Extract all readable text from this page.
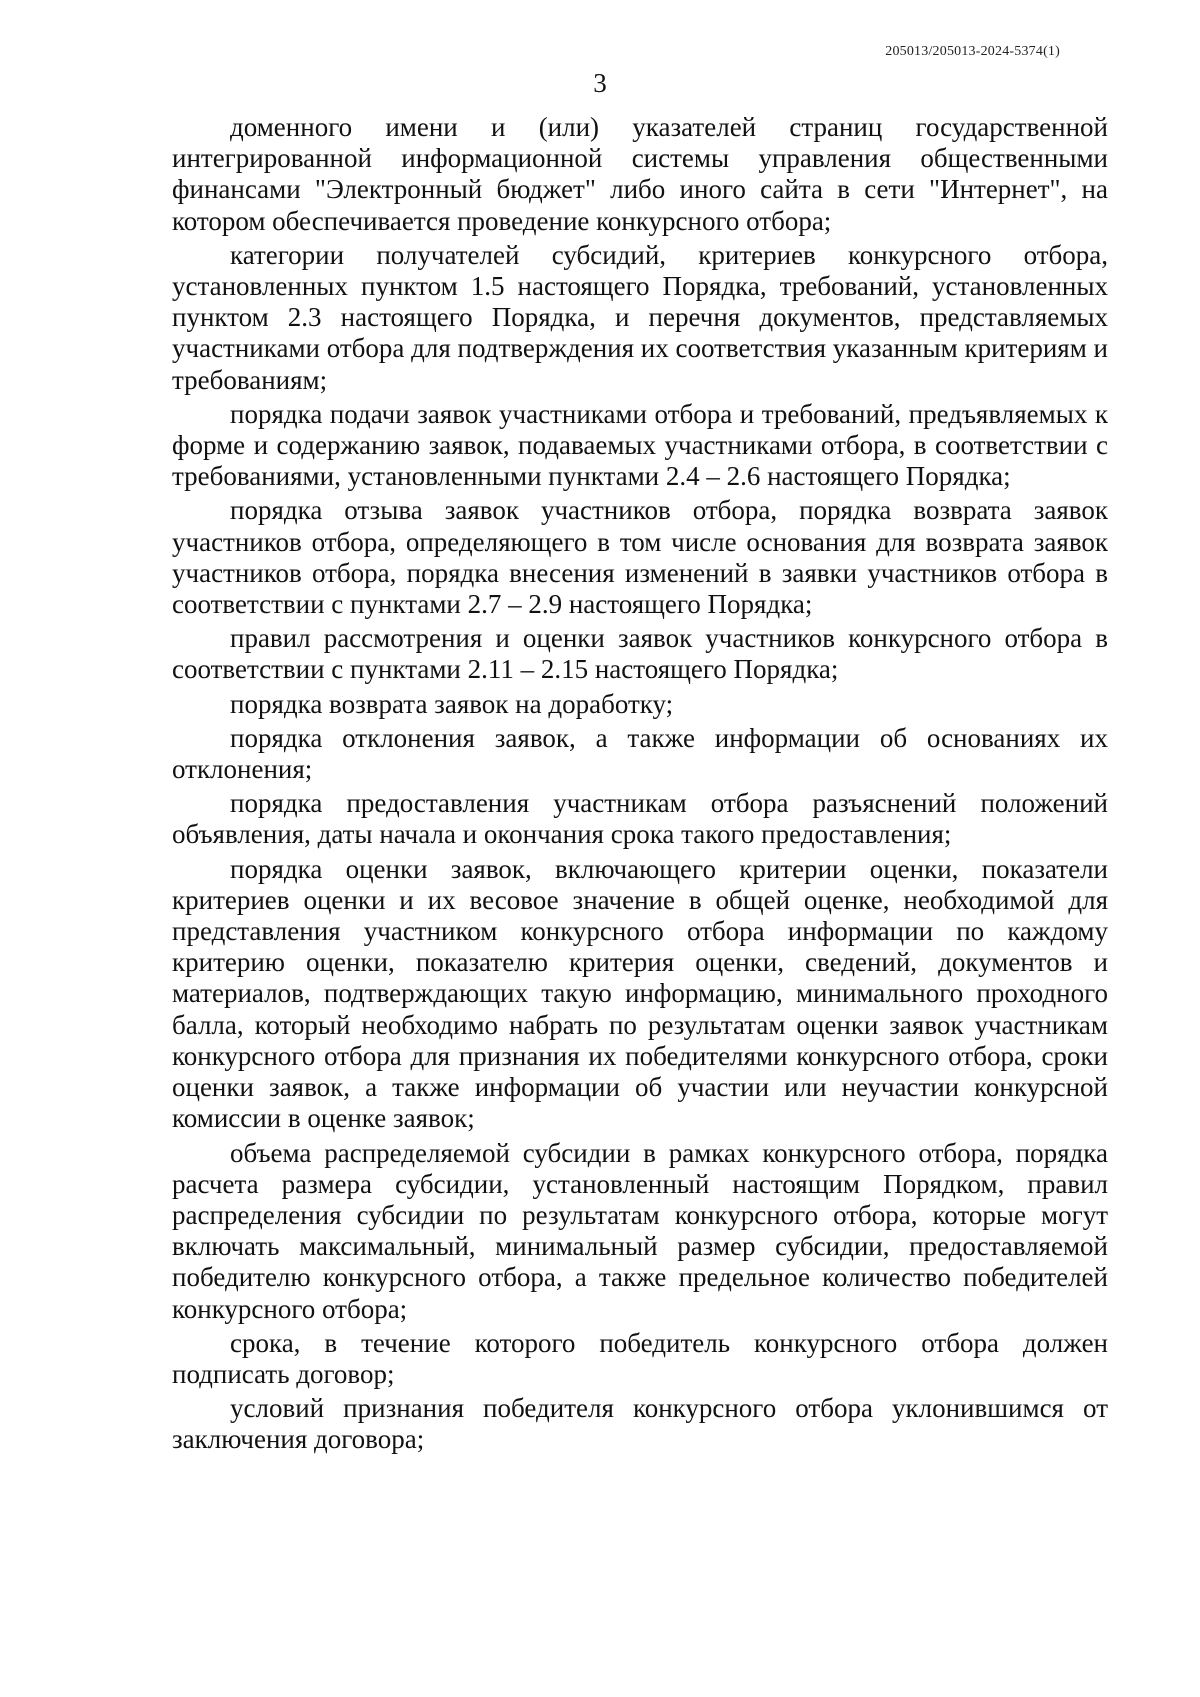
205013/205013-2024-5374(1)
3

доменного имени и (или) указателей страниц государственной интегрированной информационной системы управления общественными финансами "Электронный бюджет" либо иного сайта в сети "Интернет", на котором обеспечивается проведение конкурсного отбора;

категории получателей субсидий, критериев конкурсного отбора, установленных пунктом 1.5 настоящего Порядка, требований, установленных пунктом 2.3 настоящего Порядка, и перечня документов, представляемых участниками отбора для подтверждения их соответствия указанным критериям и требованиям;

порядка подачи заявок участниками отбора и требований, предъявляемых к форме и содержанию заявок, подаваемых участниками отбора, в соответствии с требованиями, установленными пунктами 2.4 – 2.6 настоящего Порядка;

порядка отзыва заявок участников отбора, порядка возврата заявок участников отбора, определяющего в том числе основания для возврата заявок участников отбора, порядка внесения изменений в заявки участников отбора в соответствии с пунктами 2.7 – 2.9 настоящего Порядка;

правил рассмотрения и оценки заявок участников конкурсного отбора в соответствии с пунктами 2.11 – 2.15 настоящего Порядка;

порядка возврата заявок на доработку;

порядка отклонения заявок, а также информации об основаниях их отклонения;

порядка предоставления участникам отбора разъяснений положений объявления, даты начала и окончания срока такого предоставления;

порядка оценки заявок, включающего критерии оценки, показатели критериев оценки и их весовое значение в общей оценке, необходимой для представления участником конкурсного отбора информации по каждому критерию оценки, показателю критерия оценки, сведений, документов и материалов, подтверждающих такую информацию, минимального проходного балла, который необходимо набрать по результатам оценки заявок участникам конкурсного отбора для признания их победителями конкурсного отбора, сроки оценки заявок, а также информации об участии или неучастии конкурсной комиссии в оценке заявок;

объема распределяемой субсидии в рамках конкурсного отбора, порядка расчета размера субсидии, установленный настоящим Порядком, правил распределения субсидии по результатам конкурсного отбора, которые могут включать максимальный, минимальный размер субсидии, предоставляемой победителю конкурсного отбора, а также предельное количество победителей конкурсного отбора;

срока, в течение которого победитель конкурсного отбора должен подписать договор;

условий признания победителя конкурсного отбора уклонившимся от заключения договора;
